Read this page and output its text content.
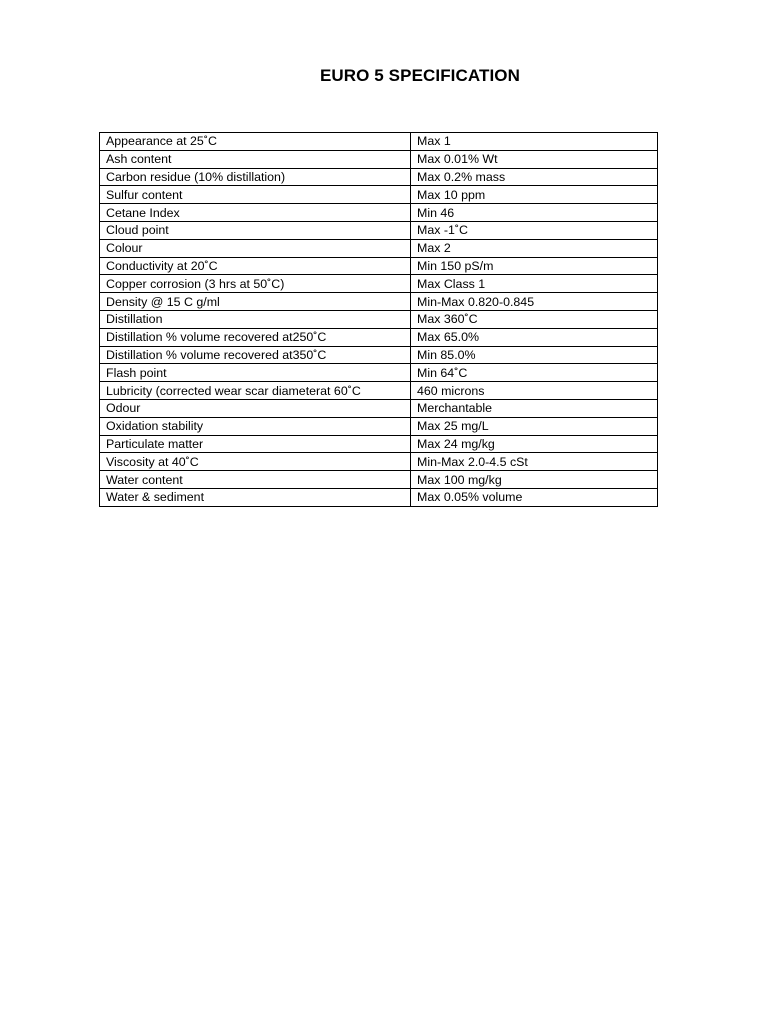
EURO 5 SPECIFICATION
Appearance at 25˚C	Max 1
Ash content	Max 0.01% Wt
Carbon residue (10% distillation)	Max 0.2% mass
Sulfur content	Max 10 ppm
Cetane Index	Min 46
Cloud point	Max -1˚C
Colour	Max 2
Conductivity at 20˚C	Min 150 pS/m
Copper corrosion (3 hrs at 50˚C)	Max Class 1
Density @ 15 C g/ml	Min-Max 0.820-0.845
Distillation	Max 360˚C
Distillation % volume recovered at250˚C	Max 65.0%
Distillation % volume recovered at350˚C	Min 85.0%
Flash point	Min 64˚C
Lubricity (corrected wear scar diameterat 60˚C	460 microns
Odour	Merchantable
Oxidation stability	Max 25 mg/L
Particulate matter	Max 24 mg/kg
Viscosity at 40˚C	Min-Max 2.0-4.5 cSt
Water content	Max 100 mg/kg
Water & sediment	Max 0.05% volume
